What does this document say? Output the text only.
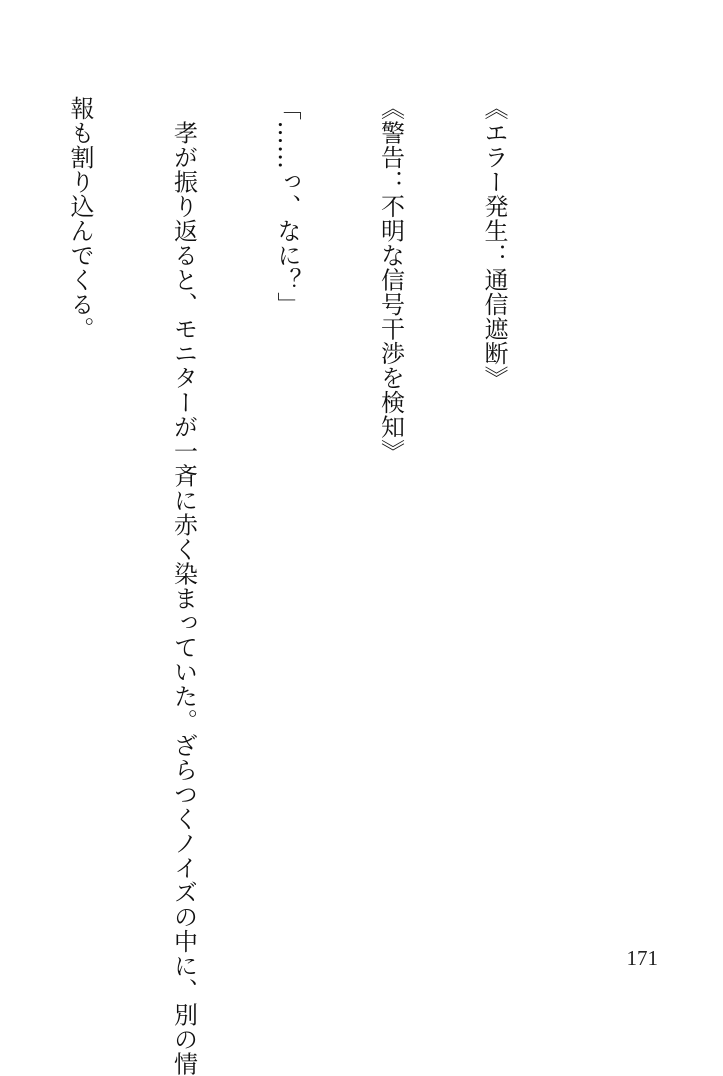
《エラー発生：通信遮断》

《警告：不明な信号干渉を検知》

「……っ、なに？」

　孝が振り返ると、モニターが一斉に赤く染まっていた。ざらつくノイズの中に、別の情

報も割り込んでくる。

171
